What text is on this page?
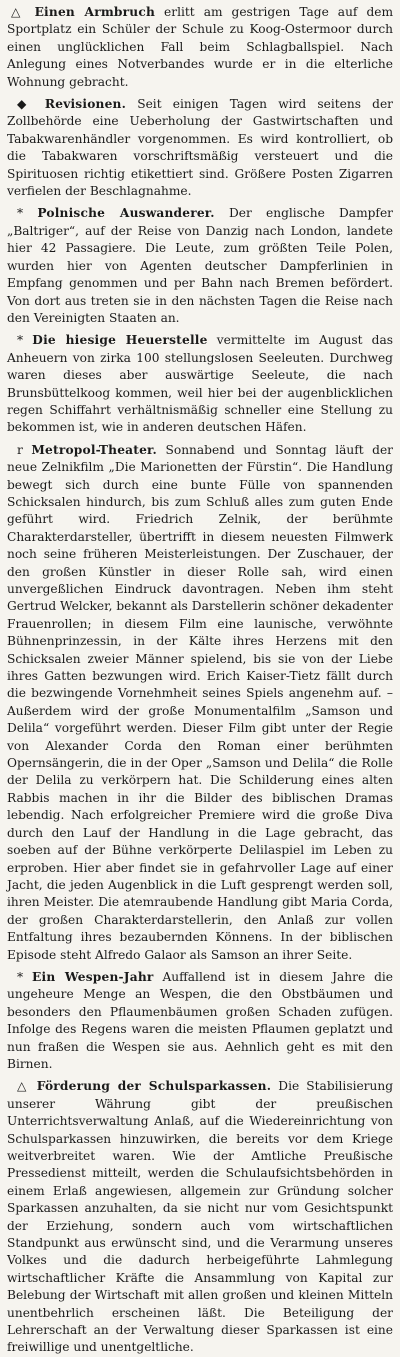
△ Einen Armbruch erlitt am gestrigen Tage auf dem Sportplatz ein Schüler der Schule zu Koog-Ostermoor durch einen unglücklichen Fall beim Schlagballspiel. Nach Anlegung eines Notverbandes wurde er in die elterliche Wohnung gebracht.

◆ Revisionen. Seit einigen Tagen wird seitens der Zollbehörde eine Ueberholung der Gastwirtschaften und Tabakwarenhändler vorgenommen. Es wird kontrolliert, ob die Tabakwaren vorschriftsmäßig versteuert und die Spirituosen richtig etikettiert sind. Größere Posten Zigarren verfielen der Beschlagnahme.

* Polnische Auswanderer. Der englische Dampfer „Baltriger“, auf der Reise von Danzig nach London, landete hier 42 Passagiere. Die Leute, zum größten Teile Polen, wurden hier von Agenten deutscher Dampferlinien in Empfang genommen und per Bahn nach Bremen befördert. Von dort aus treten sie in den nächsten Tagen die Reise nach den Vereinigten Staaten an.

* Die hiesige Heuerstelle vermittelte im August das Anheuern von zirka 100 stellungslosen Seeleuten. Durchweg waren dieses aber auswärtige Seeleute, die nach Brunsbüttelkoog kommen, weil hier bei der augenblicklichen regen Schiffahrt verhältnismäßig schneller eine Stellung zu bekommen ist, wie in anderen deutschen Häfen.

r Metropol-Theater. Sonnabend und Sonntag läuft der neue Zelnikfilm „Die Marionetten der Fürstin“. Die Handlung bewegt sich durch eine bunte Fülle von spannenden Schicksalen hindurch, bis zum Schluß alles zum guten Ende geführt wird. Friedrich Zelnik, der berühmte Charakterdarsteller, übertrifft in diesem neuesten Filmwerk noch seine früheren Meisterleistungen. Der Zuschauer, der den großen Künstler in dieser Rolle sah, wird einen unvergeßlichen Eindruck davontragen. Neben ihm steht Gertrud Welcker, bekannt als Darstellerin schöner dekadenter Frauenrollen; in diesem Film eine launische, verwöhnte Bühnenprinzessin, in der Kälte ihres Herzens mit den Schicksalen zweier Männer spielend, bis sie von der Liebe ihres Gatten bezwungen wird. Erich Kaiser-Tietz fällt durch die bezwingende Vornehmheit seines Spiels angenehm auf. – Außerdem wird der große Monumentalfilm „Samson und Delila“ vorgeführt werden. Dieser Film gibt unter der Regie von Alexander Corda den Roman einer berühmten Opernsängerin, die in der Oper „Samson und Delila“ die Rolle der Delila zu verkörpern hat. Die Schilderung eines alten Rabbis machen in ihr die Bilder des biblischen Dramas lebendig. Nach erfolgreicher Premiere wird die große Diva durch den Lauf der Handlung in die Lage gebracht, das soeben auf der Bühne verkörperte Delilaspiel im Leben zu erproben. Hier aber findet sie in gefahrvoller Lage auf einer Jacht, die jeden Augenblick in die Luft gesprengt werden soll, ihren Meister. Die atemraubende Handlung gibt Maria Corda, der großen Charakterdarstellerin, den Anlaß zur vollen Entfaltung ihres bezaubernden Könnens. In der biblischen Episode steht Alfredo Galaor als Samson an ihrer Seite.

* Ein Wespen-Jahr Auffallend ist in diesem Jahre die ungeheure Menge an Wespen, die den Obstbäumen und besonders den Pflaumenbäumen großen Schaden zufügen. Infolge des Regens waren die meisten Pflaumen geplatzt und nun fraßen die Wespen sie aus. Aehnlich geht es mit den Birnen.

△ Förderung der Schulsparkassen. Die Stabilisierung unserer Währung gibt der preußischen Unterrichtsverwaltung Anlaß, auf die Wiedereinrichtung von Schulsparkassen hinzuwirken, die bereits vor dem Kriege weitverbreitet waren. Wie der Amtliche Preußische Pressedienst mitteilt, werden die Schulaufsichtsbehörden in einem Erlaß angewiesen, allgemein zur Gründung solcher Sparkassen anzuhalten, da sie nicht nur vom Gesichtspunkt der Erziehung, sondern auch vom wirtschaftlichen Standpunkt aus erwünscht sind, und die Verarmung unseres Volkes und die dadurch herbeigeführte Lahmlegung wirtschaftlicher Kräfte die Ansammlung von Kapital zur Belebung der Wirtschaft mit allen großen und kleinen Mitteln unentbehrlich erscheinen läßt. Die Beteiligung der Lehrerschaft an der Verwaltung dieser Sparkassen ist eine freiwillige und unentgeltliche.
